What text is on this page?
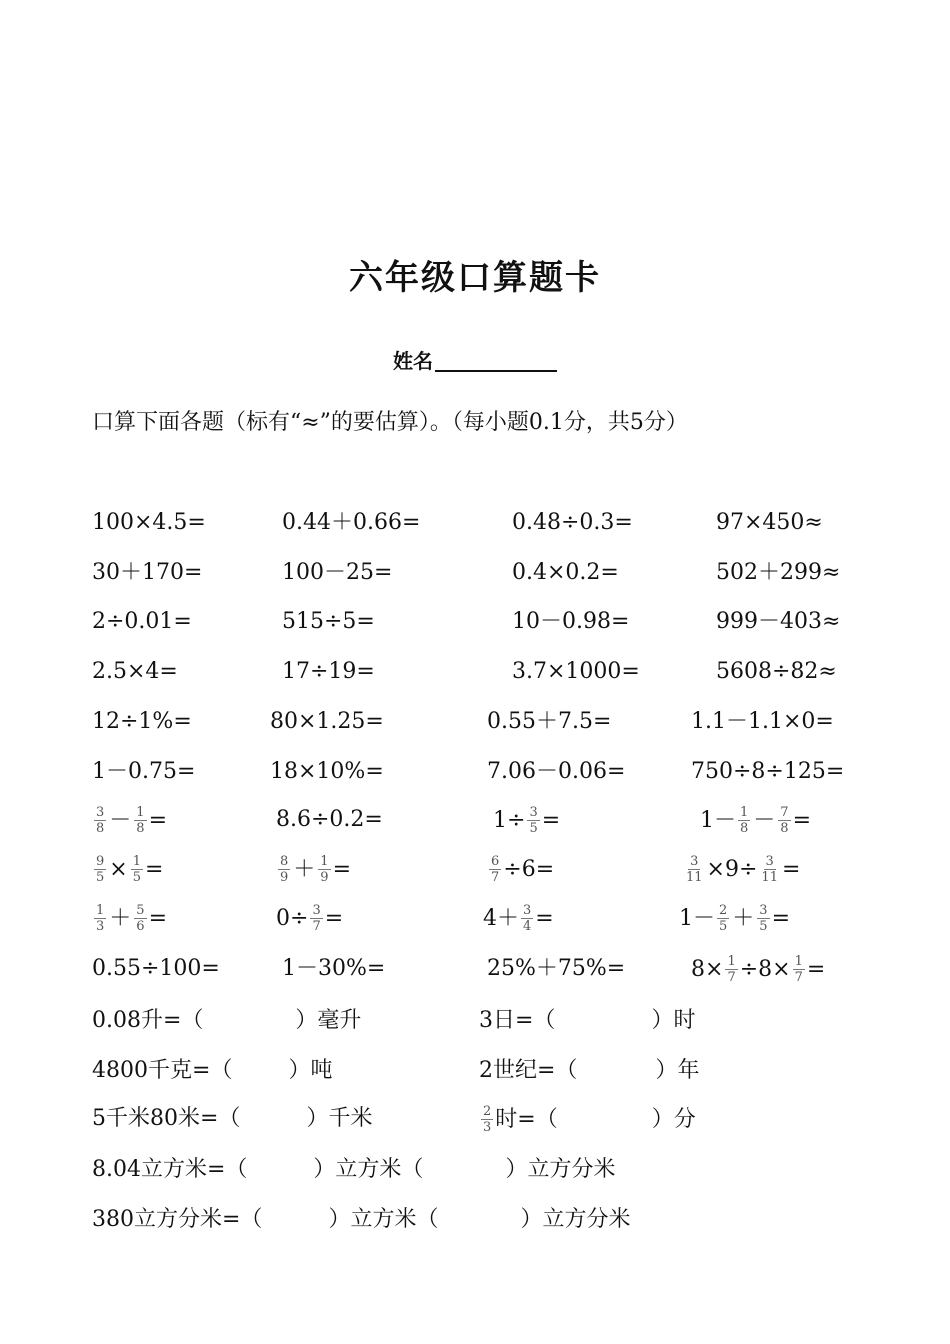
六年级口算题卡
姓名
口算下面各题（标有“≈”的要估算）。（每小题0.1分，共5分）
100×4.5=	0.44＋0.66=	0.48÷0.3=	97×450≈
30＋170=	100－25=	0.4×0.2=	502＋299≈
2÷0.01=	515÷5=	10－0.98=	999－403≈
2.5×4=	17÷19=	3.7×1000=	5608÷82≈
12÷1%=	80×1.25=	0.55＋7.5=	1.1－1.1×0=
1－0.75=	18×10%=	7.06－0.06=	750÷8÷125=
$\frac{3}{8} - \frac{1}{8}$ =	8.6÷0.2=	$1\div \frac{3}{5}$ =	$1- \frac{1}{8} - \frac{7}{8}$ =
$\frac{9}{5} \times \frac{1}{5}$ =	$\frac{8}{9} + \frac{1}{9}$ =	$\frac{6}{7} \div 6=$	$\frac{3}{11} \times 9\div \frac{3}{11}$ =
$\frac{1}{3} + \frac{5}{6}$ =	$0\div \frac{3}{7}$ =	$4+ \frac{3}{4}$ =	$1- \frac{2}{5} + \frac{3}{5}$ =
0.55÷100=	1－30%=	25%＋75%=	$8\times \frac{1}{7} \div 8\times \frac{1}{7}$ =
0.08升=（	）毫升	3日=（	）时
4800千克=（	）吨	2世纪=（	）年
5千米80米=（	）千米	$\frac{2}{3}$ 时=（	）分
8.04立方米=（	）立方米（	）立方分米
380立方分米=（	）立方米（	）立方分米
